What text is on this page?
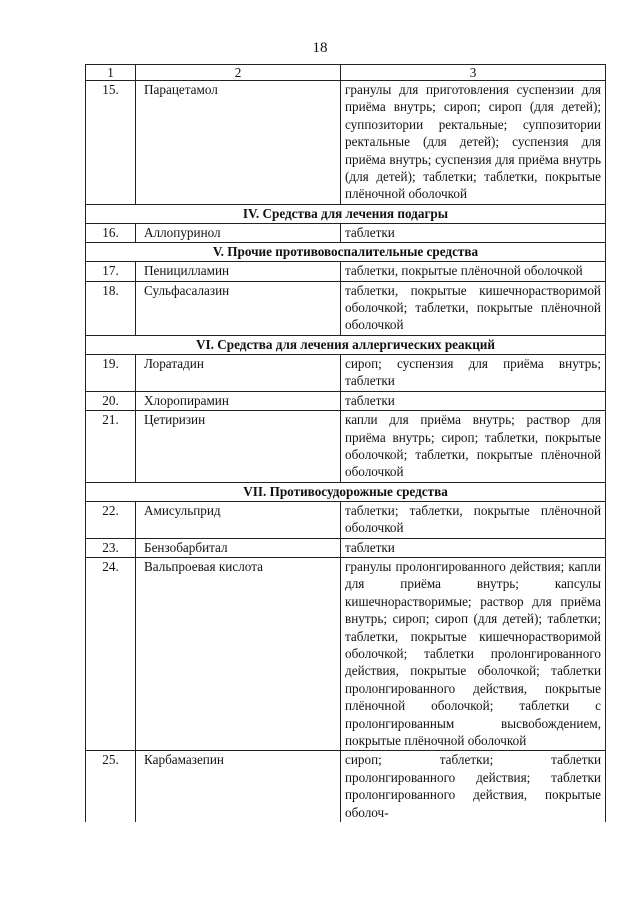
18
1	2	3
15.	Парацетамол	гранулы для приготовления суспензии для приёма внутрь; сироп; сироп (для детей); суппозитории ректальные; суппозитории ректальные (для детей); суспензия для приёма внутрь; суспензия для приёма внутрь (для детей); таблетки; таблетки, покрытые плёночной оболочкой
IV. Средства для лечения подагры		
16.	Аллопуринол	таблетки
V. Прочие противовоспалительные средства		
17.	Пеницилламин	таблетки, покрытые плёночной оболочкой
18.	Сульфасалазин	таблетки, покрытые кишечнорастворимой оболочкой; таблетки, покрытые плёночной оболочкой
VI. Средства для лечения аллергических реакций		
19.	Лоратадин	сироп; суспензия для приёма внутрь; таблетки
20.	Хлоропирамин	таблетки
21.	Цетиризин	капли для приёма внутрь; раствор для приёма внутрь; сироп; таблетки, покрытые оболочкой; таблетки, покрытые плёночной оболочкой
VII. Противосудорожные средства		
22.	Амисульприд	таблетки; таблетки, покрытые плёночной оболочкой
23.	Бензобарбитал	таблетки
24.	Вальпроевая кислота	гранулы пролонгированного действия; капли для приёма внутрь; капсулы кишечнорастворимые; раствор для приёма внутрь; сироп; сироп (для детей); таблетки; таблетки, покрытые кишечнорастворимой оболочкой; таблетки пролонгированного действия, покрытые оболочкой; таблетки пролонгированного действия, покрытые плёночной оболочкой; таблетки с пролонгированным высвобождением, покрытые плёночной оболочкой
25.	Карбамазепин	сироп; таблетки; таблетки пролонгированного действия; таблетки пролонгированного действия, покрытые оболоч-
